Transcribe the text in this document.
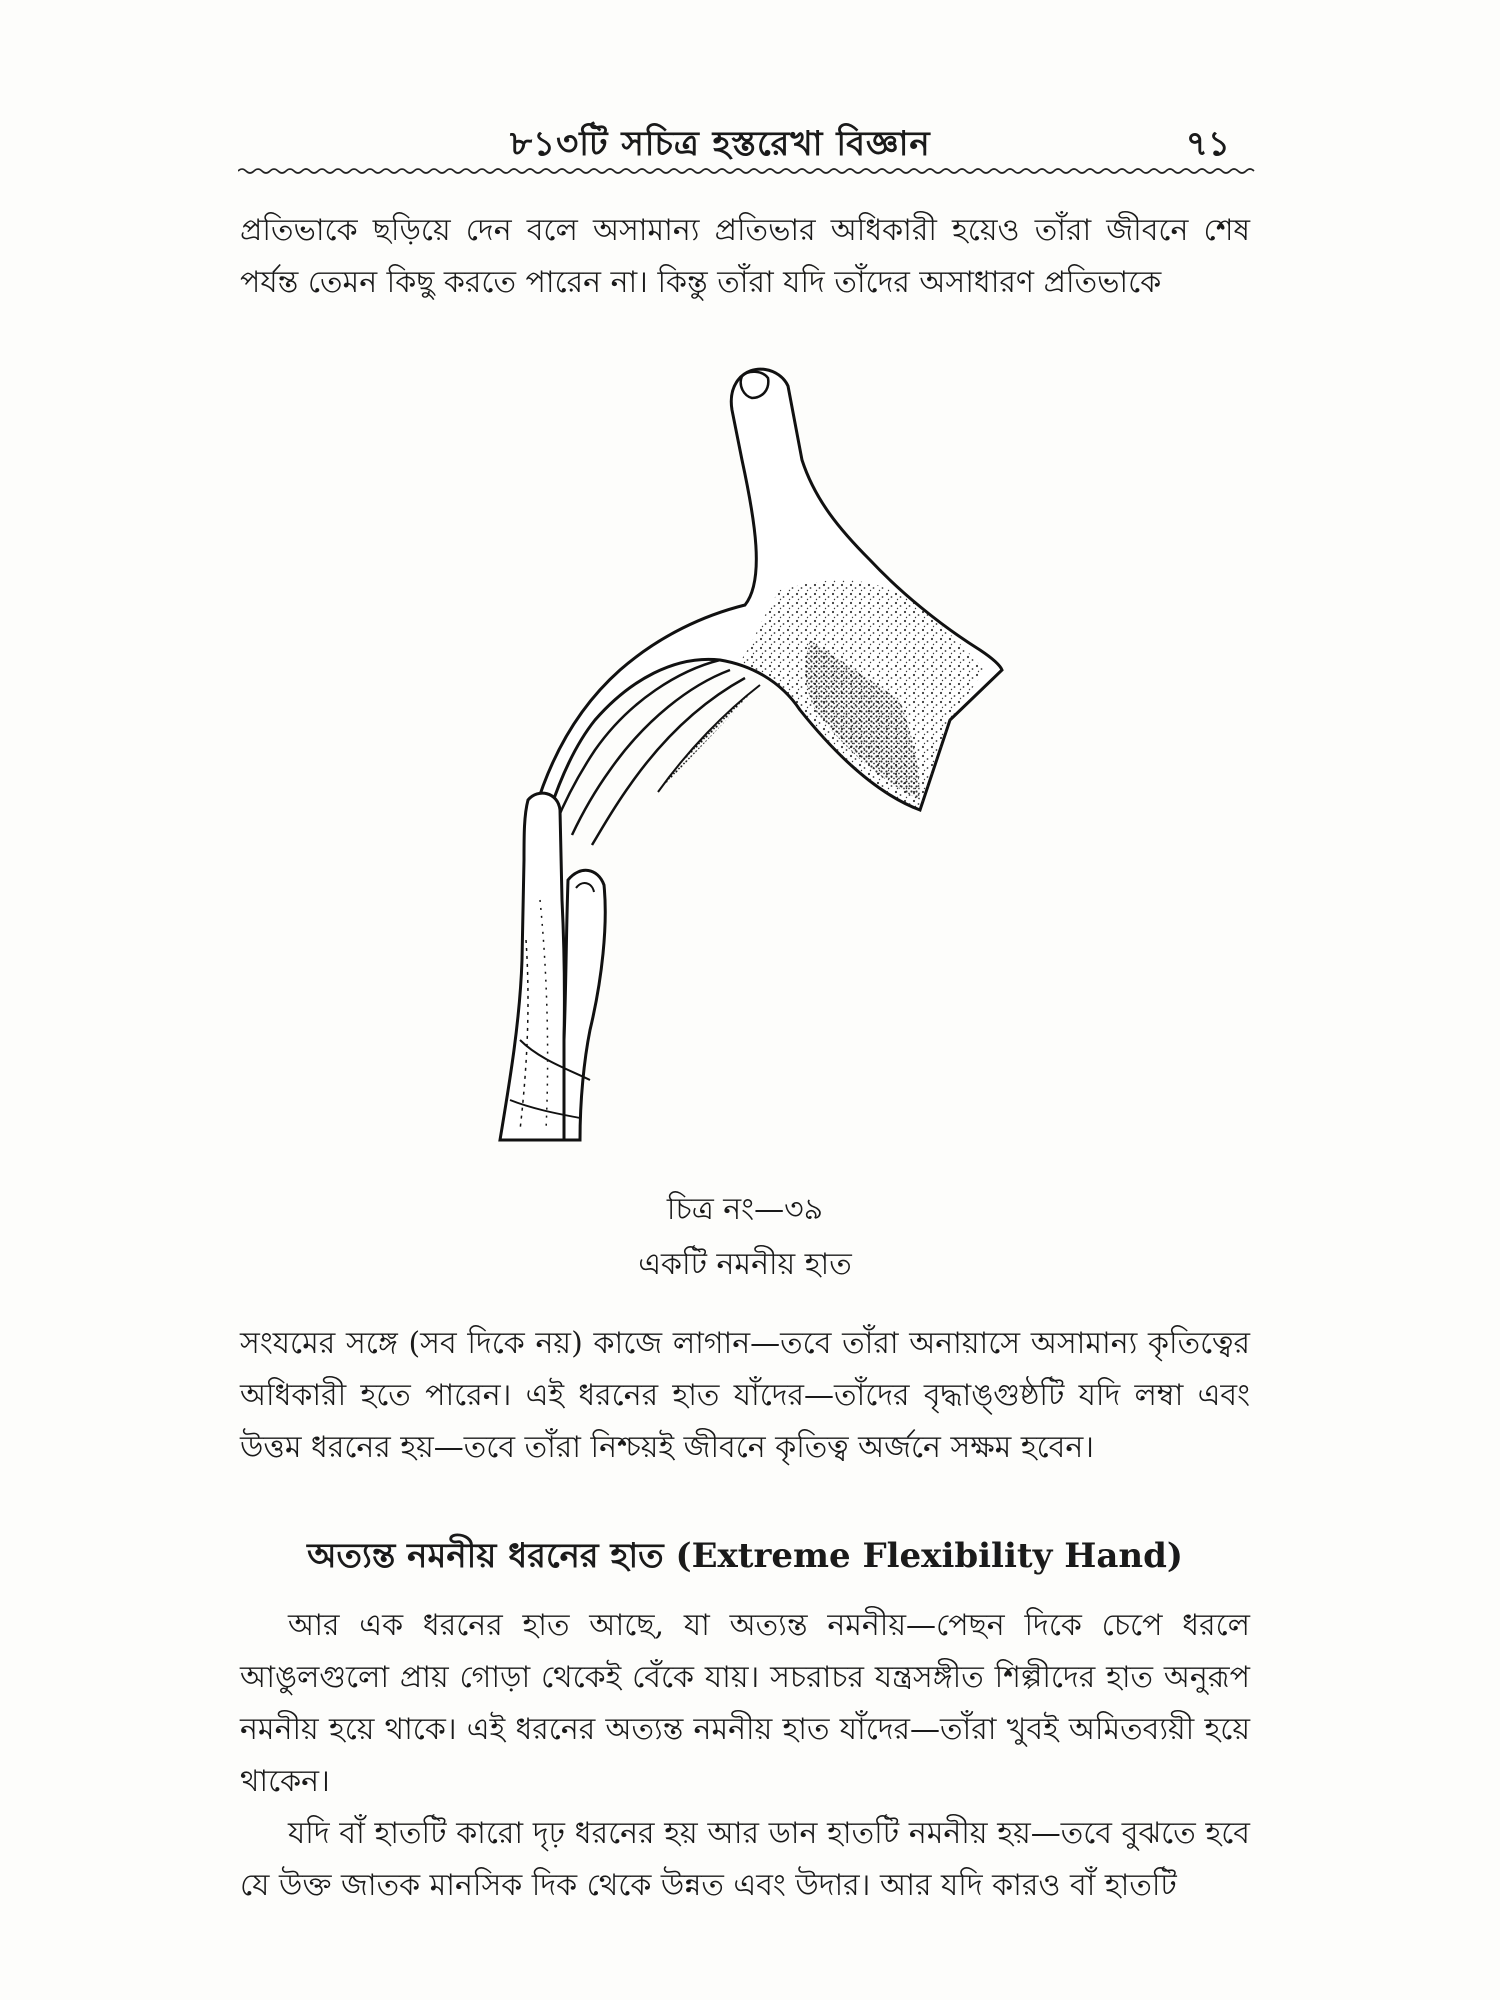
৮১৩টি সচিত্র হস্তরেখা বিজ্ঞান	৭১

প্রতিভাকে ছড়িয়ে দেন বলে অসামান্য প্রতিভার অধিকারী হয়েও তাঁরা জীবনে শেষ পর্যন্ত তেমন কিছু করতে পারেন না। কিন্তু তাঁরা যদি তাঁদের অসাধারণ প্রতিভাকে

চিত্র নং—৩৯
একটি নমনীয় হাত

সংযমের সঙ্গে (সব দিকে নয়) কাজে লাগান—তবে তাঁরা অনায়াসে অসামান্য কৃতিত্বের অধিকারী হতে পারেন। এই ধরনের হাত যাঁদের—তাঁদের বৃদ্ধাঙ্গুষ্ঠটি যদি লম্বা এবং উত্তম ধরনের হয়—তবে তাঁরা নিশ্চয়ই জীবনে কৃতিত্ব অর্জনে সক্ষম হবেন।

অত্যন্ত নমনীয় ধরনের হাত (Extreme Flexibility Hand)

আর এক ধরনের হাত আছে, যা অত্যন্ত নমনীয়—পেছন দিকে চেপে ধরলে আঙুলগুলো প্রায় গোড়া থেকেই বেঁকে যায়। সচরাচর যন্ত্রসঙ্গীত শিল্পীদের হাত অনুরূপ নমনীয় হয়ে থাকে। এই ধরনের অত্যন্ত নমনীয় হাত যাঁদের—তাঁরা খুবই অমিতব্যয়ী হয়ে থাকেন।

যদি বাঁ হাতটি কারো দৃঢ় ধরনের হয় আর ডান হাতটি নমনীয় হয়—তবে বুঝতে হবে যে উক্ত জাতক মানসিক দিক থেকে উন্নত এবং উদার। আর যদি কারও বাঁ হাতটি
